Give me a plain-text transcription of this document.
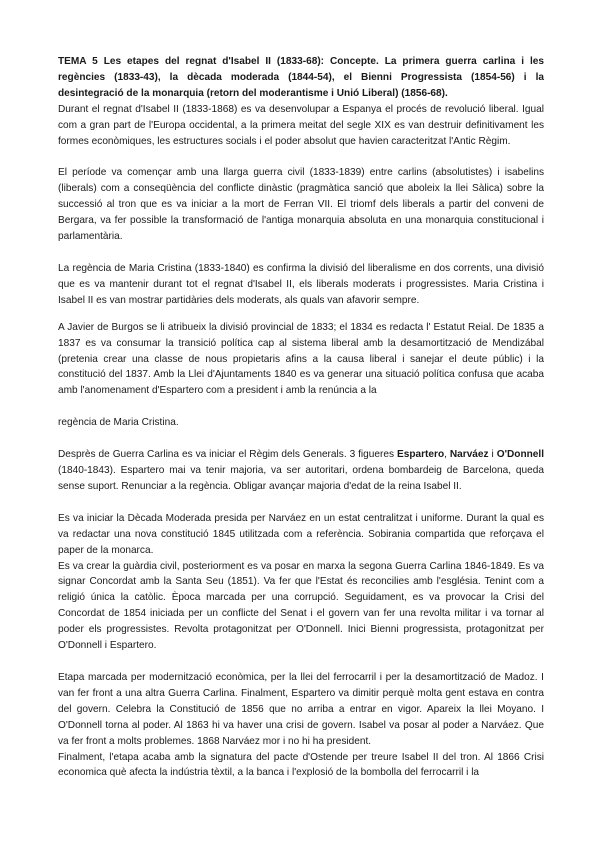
TEMA 5 Les etapes del regnat d'Isabel II (1833-68): Concepte. La primera guerra carlina i les regències (1833-43), la dècada moderada (1844-54), el Bienni Progressista (1854-56) i la desintegració de la monarquia (retorn del moderantisme i Unió Liberal) (1856-68).

Durant el regnat d'Isabel II (1833-1868) es va desenvolupar a Espanya el procés de revolució liberal. Igual com a gran part de l'Europa occidental, a la primera meitat del segle XIX es van destruir definitivament les formes econòmiques, les estructures socials i el poder absolut que havien caracteritzat l'Antic Règim.

El període va començar amb una llarga guerra civil (1833-1839) entre carlins (absolutistes) i isabelins (liberals) com a conseqüència del conflicte dinàstic (pragmàtica sanció que aboleix la llei Sàlica) sobre la successió al tron que es va iniciar a la mort de Ferran VII. El triomf dels liberals a partir del conveni de Bergara, va fer possible la transformació de l'antiga monarquia absoluta en una monarquia constitucional i parlamentària.

La regència de Maria Cristina (1833-1840) es confirma la divisió del liberalisme en dos corrents, una divisió que es va mantenir durant tot el regnat d'Isabel II, els liberals moderats i progressistes. Maria Cristina i Isabel II es van mostrar partidàries dels moderats, als quals van afavorir sempre.

A Javier de Burgos se li atribueix la divisió provincial de 1833; el 1834 es redacta l' Estatut Reial. De 1835 a 1837 es va consumar la transició política cap al sistema liberal amb la desamortització de Mendizábal (pretenia crear una classe de nous propietaris afins a la causa liberal i sanejar el deute públic) i la constitució del 1837. Amb la Llei d'Ajuntaments 1840 es va generar una situació política confusa que acaba amb l'anomenament d'Espartero com a president i amb la renúncia a la

regència de Maria Cristina.

Desprès de Guerra Carlina es va iniciar el Règim dels Generals. 3 figueres Espartero, Narváez i O'Donnell (1840-1843). Espartero mai va tenir majoria, va ser autoritari, ordena bombardeig de Barcelona, queda sense suport. Renunciar a la regència. Obligar avançar majoria d'edat de la reina Isabel II.

Es va iniciar la Dècada Moderada presida per Narváez en un estat centralitzat i uniforme. Durant la qual es va redactar una nova constitució 1845 utilitzada com a referència. Sobirania compartida que reforçava el paper de la monarca.

Es va crear la guàrdia civil, posteriorment es va posar en marxa la segona Guerra Carlina 1846-1849. Es va signar Concordat amb la Santa Seu (1851). Va fer que l'Estat és reconcilies amb l'església. Tenint com a religió única la catòlic. Època marcada per una corrupció. Seguidament, es va provocar la Crisi del Concordat de 1854 iniciada per un conflicte del Senat i el govern van fer una revolta militar i va tornar al poder els progressistes. Revolta protagonitzat per O'Donnell. Inici Bienni progressista, protagonitzat per O'Donnell i Espartero.

Etapa marcada per modernització econòmica, per la llei del ferrocarril i per la desamortització de Madoz. I van fer front a una altra Guerra Carlina. Finalment, Espartero va dimitir perquè molta gent estava en contra del govern. Celebra la Constitució de 1856 que no arriba a entrar en vigor. Apareix la llei Moyano. I O'Donnell torna al poder. Al 1863 hi va haver una crisi de govern. Isabel va posar al poder a Narváez. Que va fer front a molts problemes. 1868 Narváez mor i no hi ha president.

Finalment, l'etapa acaba amb la signatura del pacte d'Ostende per treure Isabel II del tron. Al 1866 Crisi economica què afecta la indústria tèxtil, a la banca i l'explosió de la bombolla del ferrocarril i la
